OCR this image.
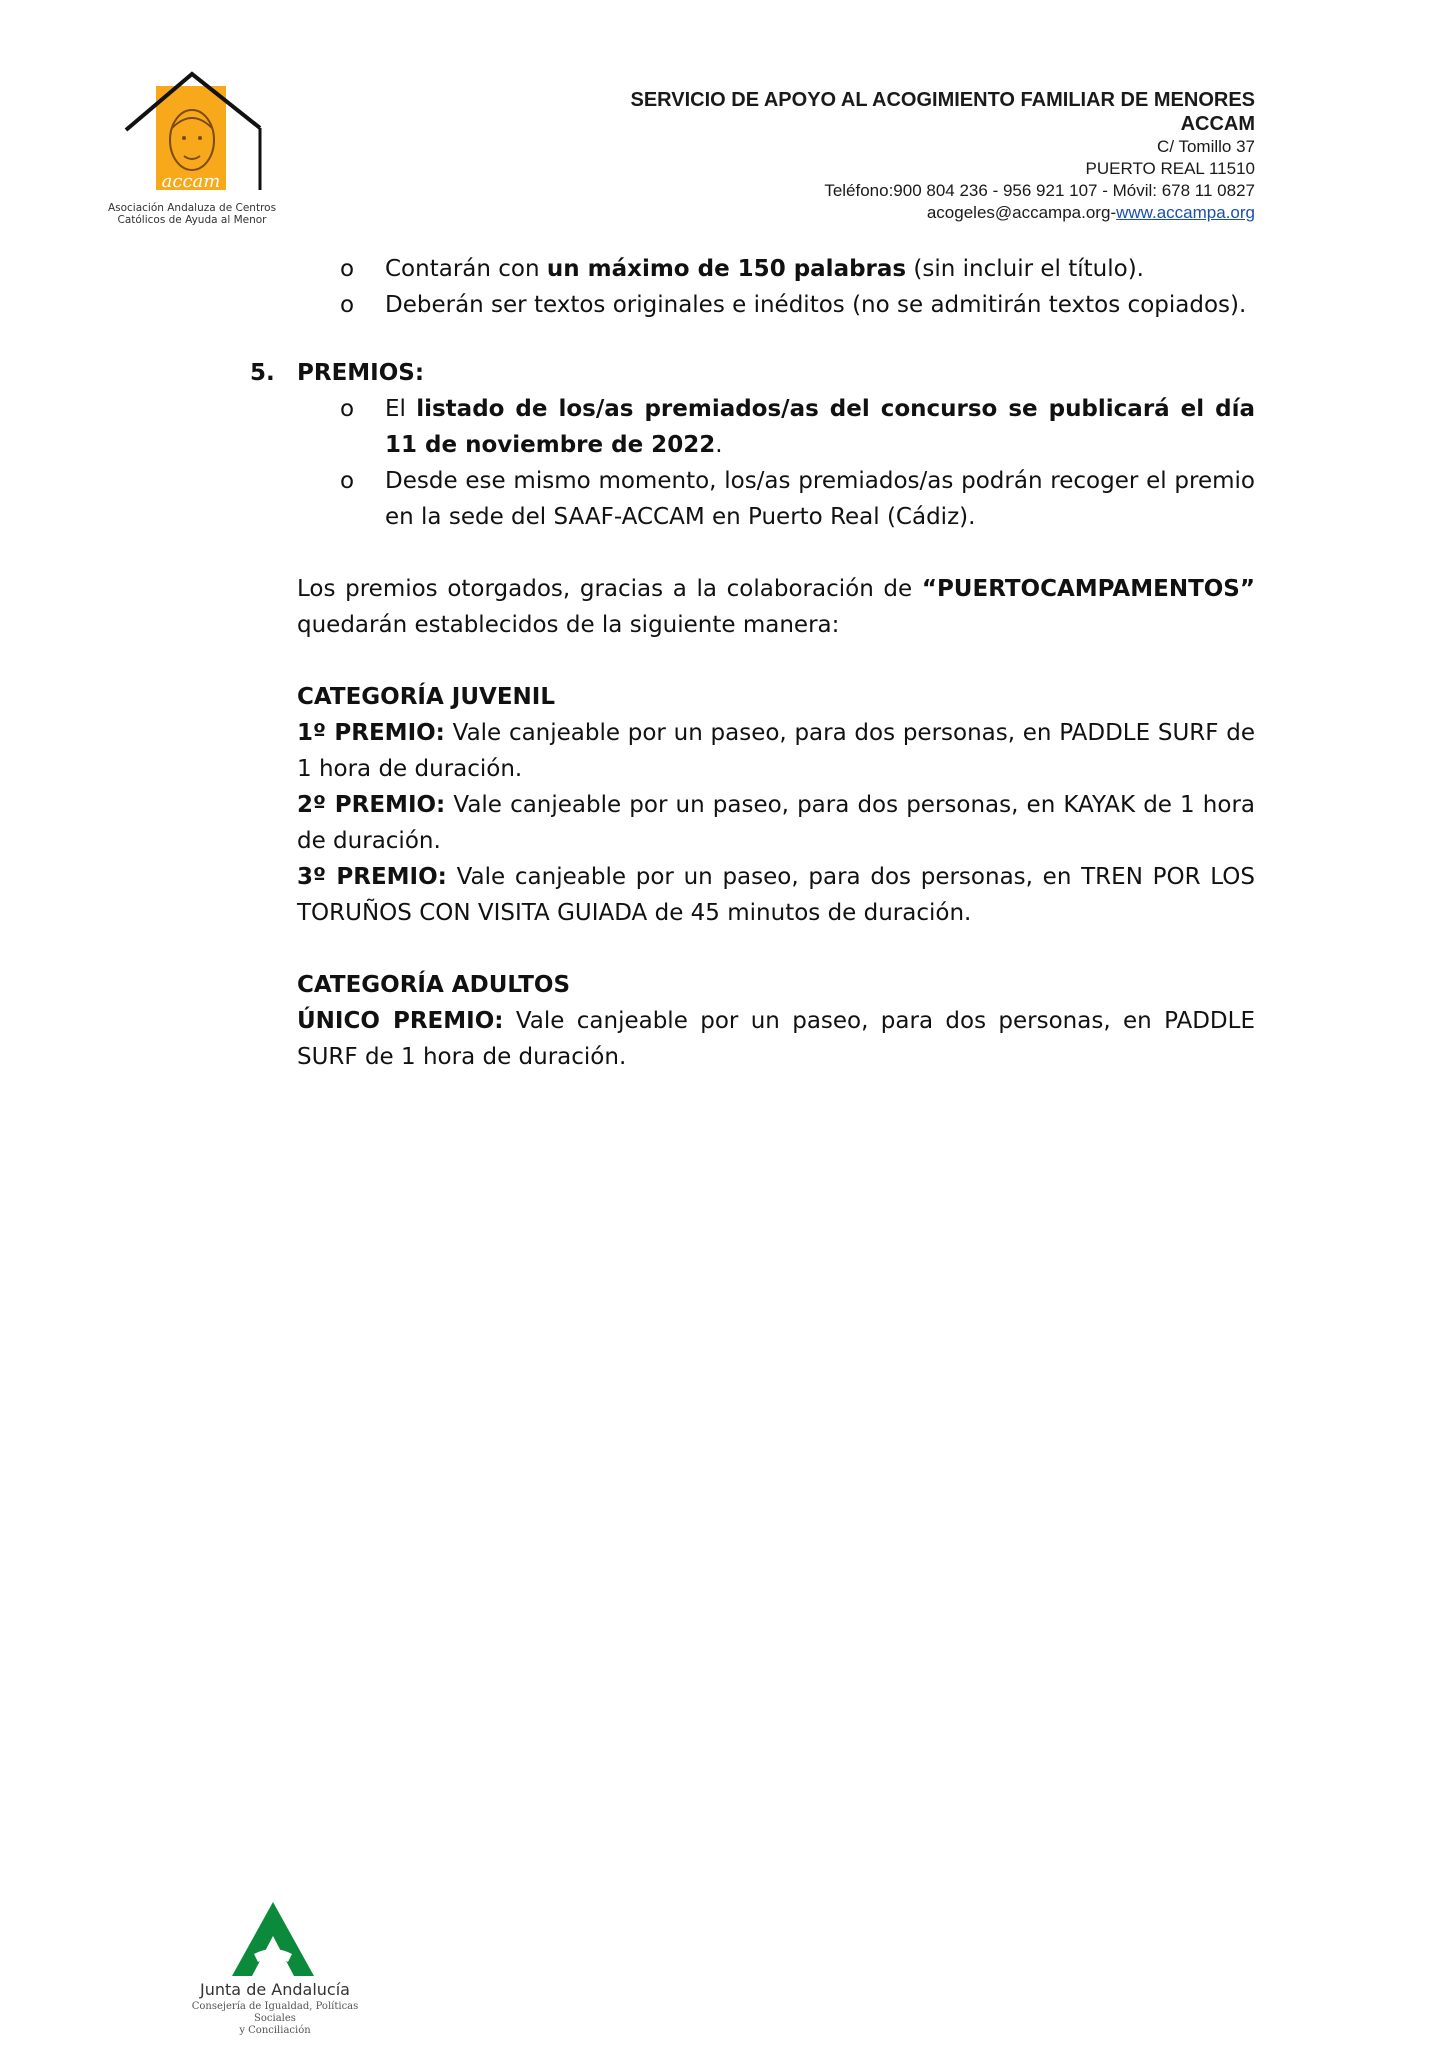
accam
Asociación Andaluza de Centros
Católicos de Ayuda al Menor
SERVICIO DE APOYO AL ACOGIMIENTO FAMILIAR DE MENORES
ACCAM
C/ Tomillo 37
PUERTO REAL 11510
Teléfono:900 804 236 - 956 921 107 - Móvil: 678 11 0827
acogeles@accampa.org-www.accampa.org
o Contarán con un máximo de 150 palabras (sin incluir el título).
o Deberán ser textos originales e inéditos (no se admitirán textos copiados).
5. PREMIOS:
o El listado de los/as premiados/as del concurso se publicará el día 11 de noviembre de 2022.
o Desde ese mismo momento, los/as premiados/as podrán recoger el premio en la sede del SAAF-ACCAM en Puerto Real (Cádiz).
Los premios otorgados, gracias a la colaboración de “PUERTOCAMPAMENTOS” quedarán establecidos de la siguiente manera:
CATEGORÍA JUVENIL
1º PREMIO: Vale canjeable por un paseo, para dos personas, en PADDLE SURF de 1 hora de duración.
2º PREMIO: Vale canjeable por un paseo, para dos personas, en KAYAK de 1 hora de duración.
3º PREMIO: Vale canjeable por un paseo, para dos personas, en TREN POR LOS TORUÑOS CON VISITA GUIADA de 45 minutos de duración.
CATEGORÍA ADULTOS
ÚNICO PREMIO: Vale canjeable por un paseo, para dos personas, en PADDLE SURF de 1 hora de duración.
Junta de Andalucía
Consejería de Igualdad, Políticas Sociales
y Conciliación
